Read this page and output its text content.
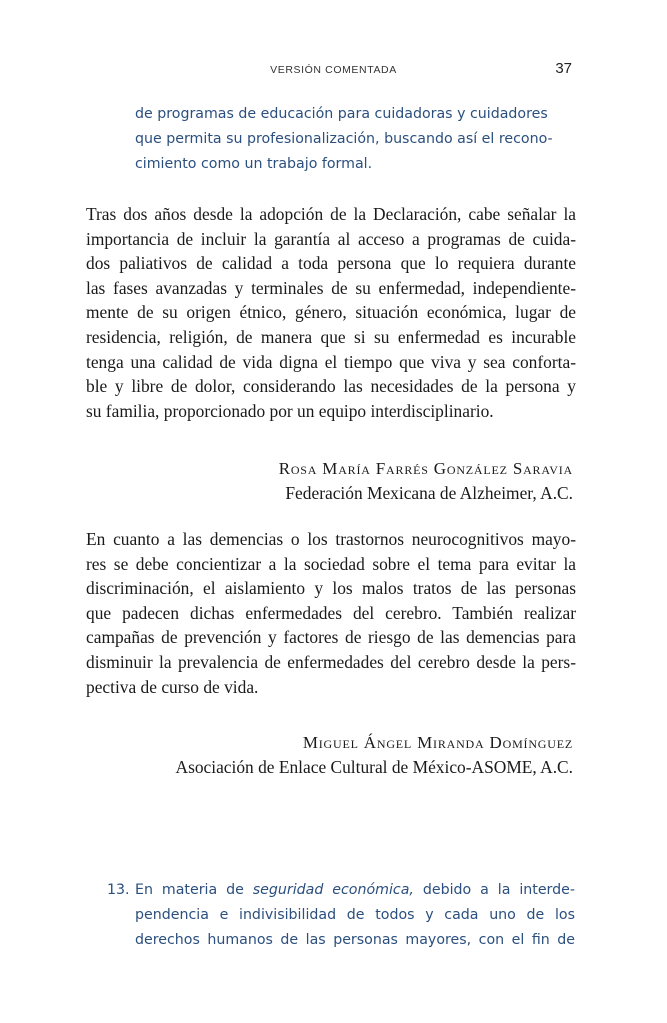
VERSIÓN COMENTADA	37
de programas de educación para cuidadoras y cuidadores
que permita su profesionalización, buscando así el recono-
cimiento como un trabajo formal.
Tras dos años desde la adopción de la Declaración, cabe señalar la
importancia de incluir la garantía al acceso a programas de cuida-
dos paliativos de calidad a toda persona que lo requiera durante
las fases avanzadas y terminales de su enfermedad, independiente-
mente de su origen étnico, género, situación económica, lugar de
residencia, religión, de manera que si su enfermedad es incurable
tenga una calidad de vida digna el tiempo que viva y sea conforta-
ble y libre de dolor, considerando las necesidades de la persona y
su familia, proporcionado por un equipo interdisciplinario.
Rosa María Farrés González Saravia
Federación Mexicana de Alzheimer, A.C.
En cuanto a las demencias o los trastornos neurocognitivos mayo-
res se debe concientizar a la sociedad sobre el tema para evitar la
discriminación, el aislamiento y los malos tratos de las personas
que padecen dichas enfermedades del cerebro. También realizar
campañas de prevención y factores de riesgo de las demencias para
disminuir la prevalencia de enfermedades del cerebro desde la pers-
pectiva de curso de vida.
Miguel Ángel Miranda Domínguez
Asociación de Enlace Cultural de México-ASOME, A.C.
13. En materia de seguridad económica, debido a la interde-
pendencia e indivisibilidad de todos y cada uno de los
derechos humanos de las personas mayores, con el fin de
